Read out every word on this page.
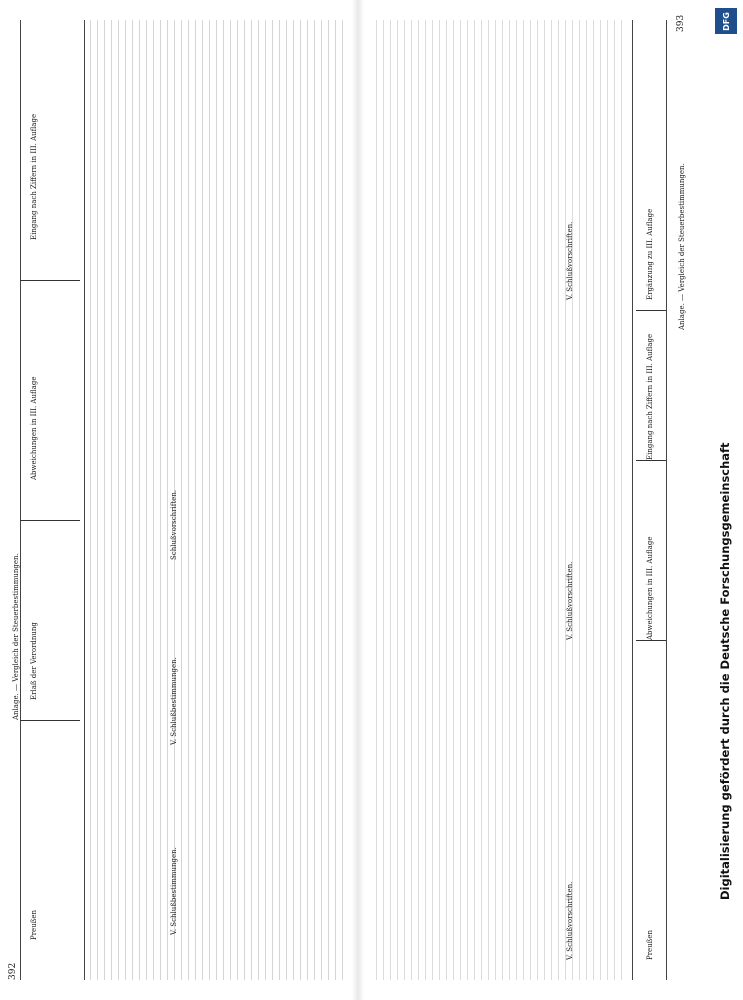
392
Anlage. — Vergleich der Steuerbestimmungen.
Preußen
Erlaß der Verordnung
Abweichungen in III. Auflage
Eingang nach Ziffern in III. Auflage
V. Schlußbestimmungen.
V. Schlußbestimmungen.
Schlußvorschriften.
393
Anlage. — Vergleich der Steuerbestimmungen.
Preußen
Abweichungen in III. Auflage
Eingang nach Ziffern in III. Auflage
Ergänzung zu III. Auflage
V. Schlußvorschriften.
V. Schlußvorschriften.
V. Schlußvorschriften.
DFG
Digitalisierung gefördert durch die Deutsche Forschungsgemeinschaft
